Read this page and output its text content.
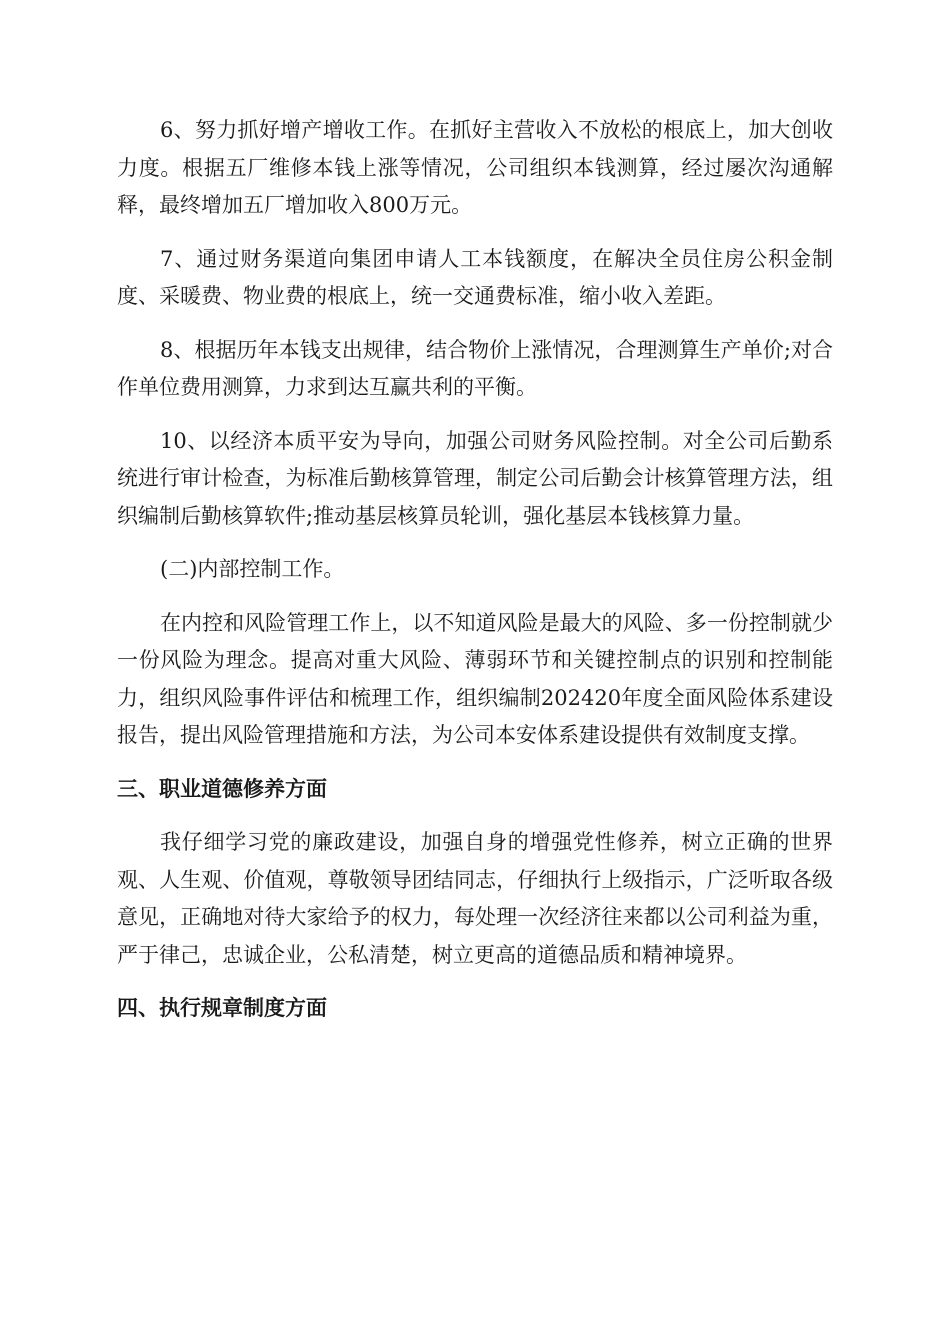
6、努力抓好增产增收工作。在抓好主营收入不放松的根底上，加大创收力度。根据五厂维修本钱上涨等情况，公司组织本钱测算，经过屡次沟通解释，最终增加五厂增加收入800万元。

7、通过财务渠道向集团申请人工本钱额度，在解决全员住房公积金制度、采暖费、物业费的根底上，统一交通费标准，缩小收入差距。

8、根据历年本钱支出规律，结合物价上涨情况，合理测算生产单价;对合作单位费用测算，力求到达互赢共利的平衡。

10、以经济本质平安为导向，加强公司财务风险控制。对全公司后勤系统进行审计检查，为标准后勤核算管理，制定公司后勤会计核算管理方法，组织编制后勤核算软件;推动基层核算员轮训，强化基层本钱核算力量。

(二)内部控制工作。

在内控和风险管理工作上，以不知道风险是最大的风险、多一份控制就少一份风险为理念。提高对重大风险、薄弱环节和关键控制点的识别和控制能力，组织风险事件评估和梳理工作，组织编制202420年度全面风险体系建设报告，提出风险管理措施和方法，为公司本安体系建设提供有效制度支撑。

三、职业道德修养方面

我仔细学习党的廉政建设，加强自身的增强党性修养，树立正确的世界观、人生观、价值观，尊敬领导团结同志，仔细执行上级指示，广泛听取各级意见，正确地对待大家给予的权力，每处理一次经济往来都以公司利益为重，严于律己，忠诚企业，公私清楚，树立更高的道德品质和精神境界。

四、执行规章制度方面
